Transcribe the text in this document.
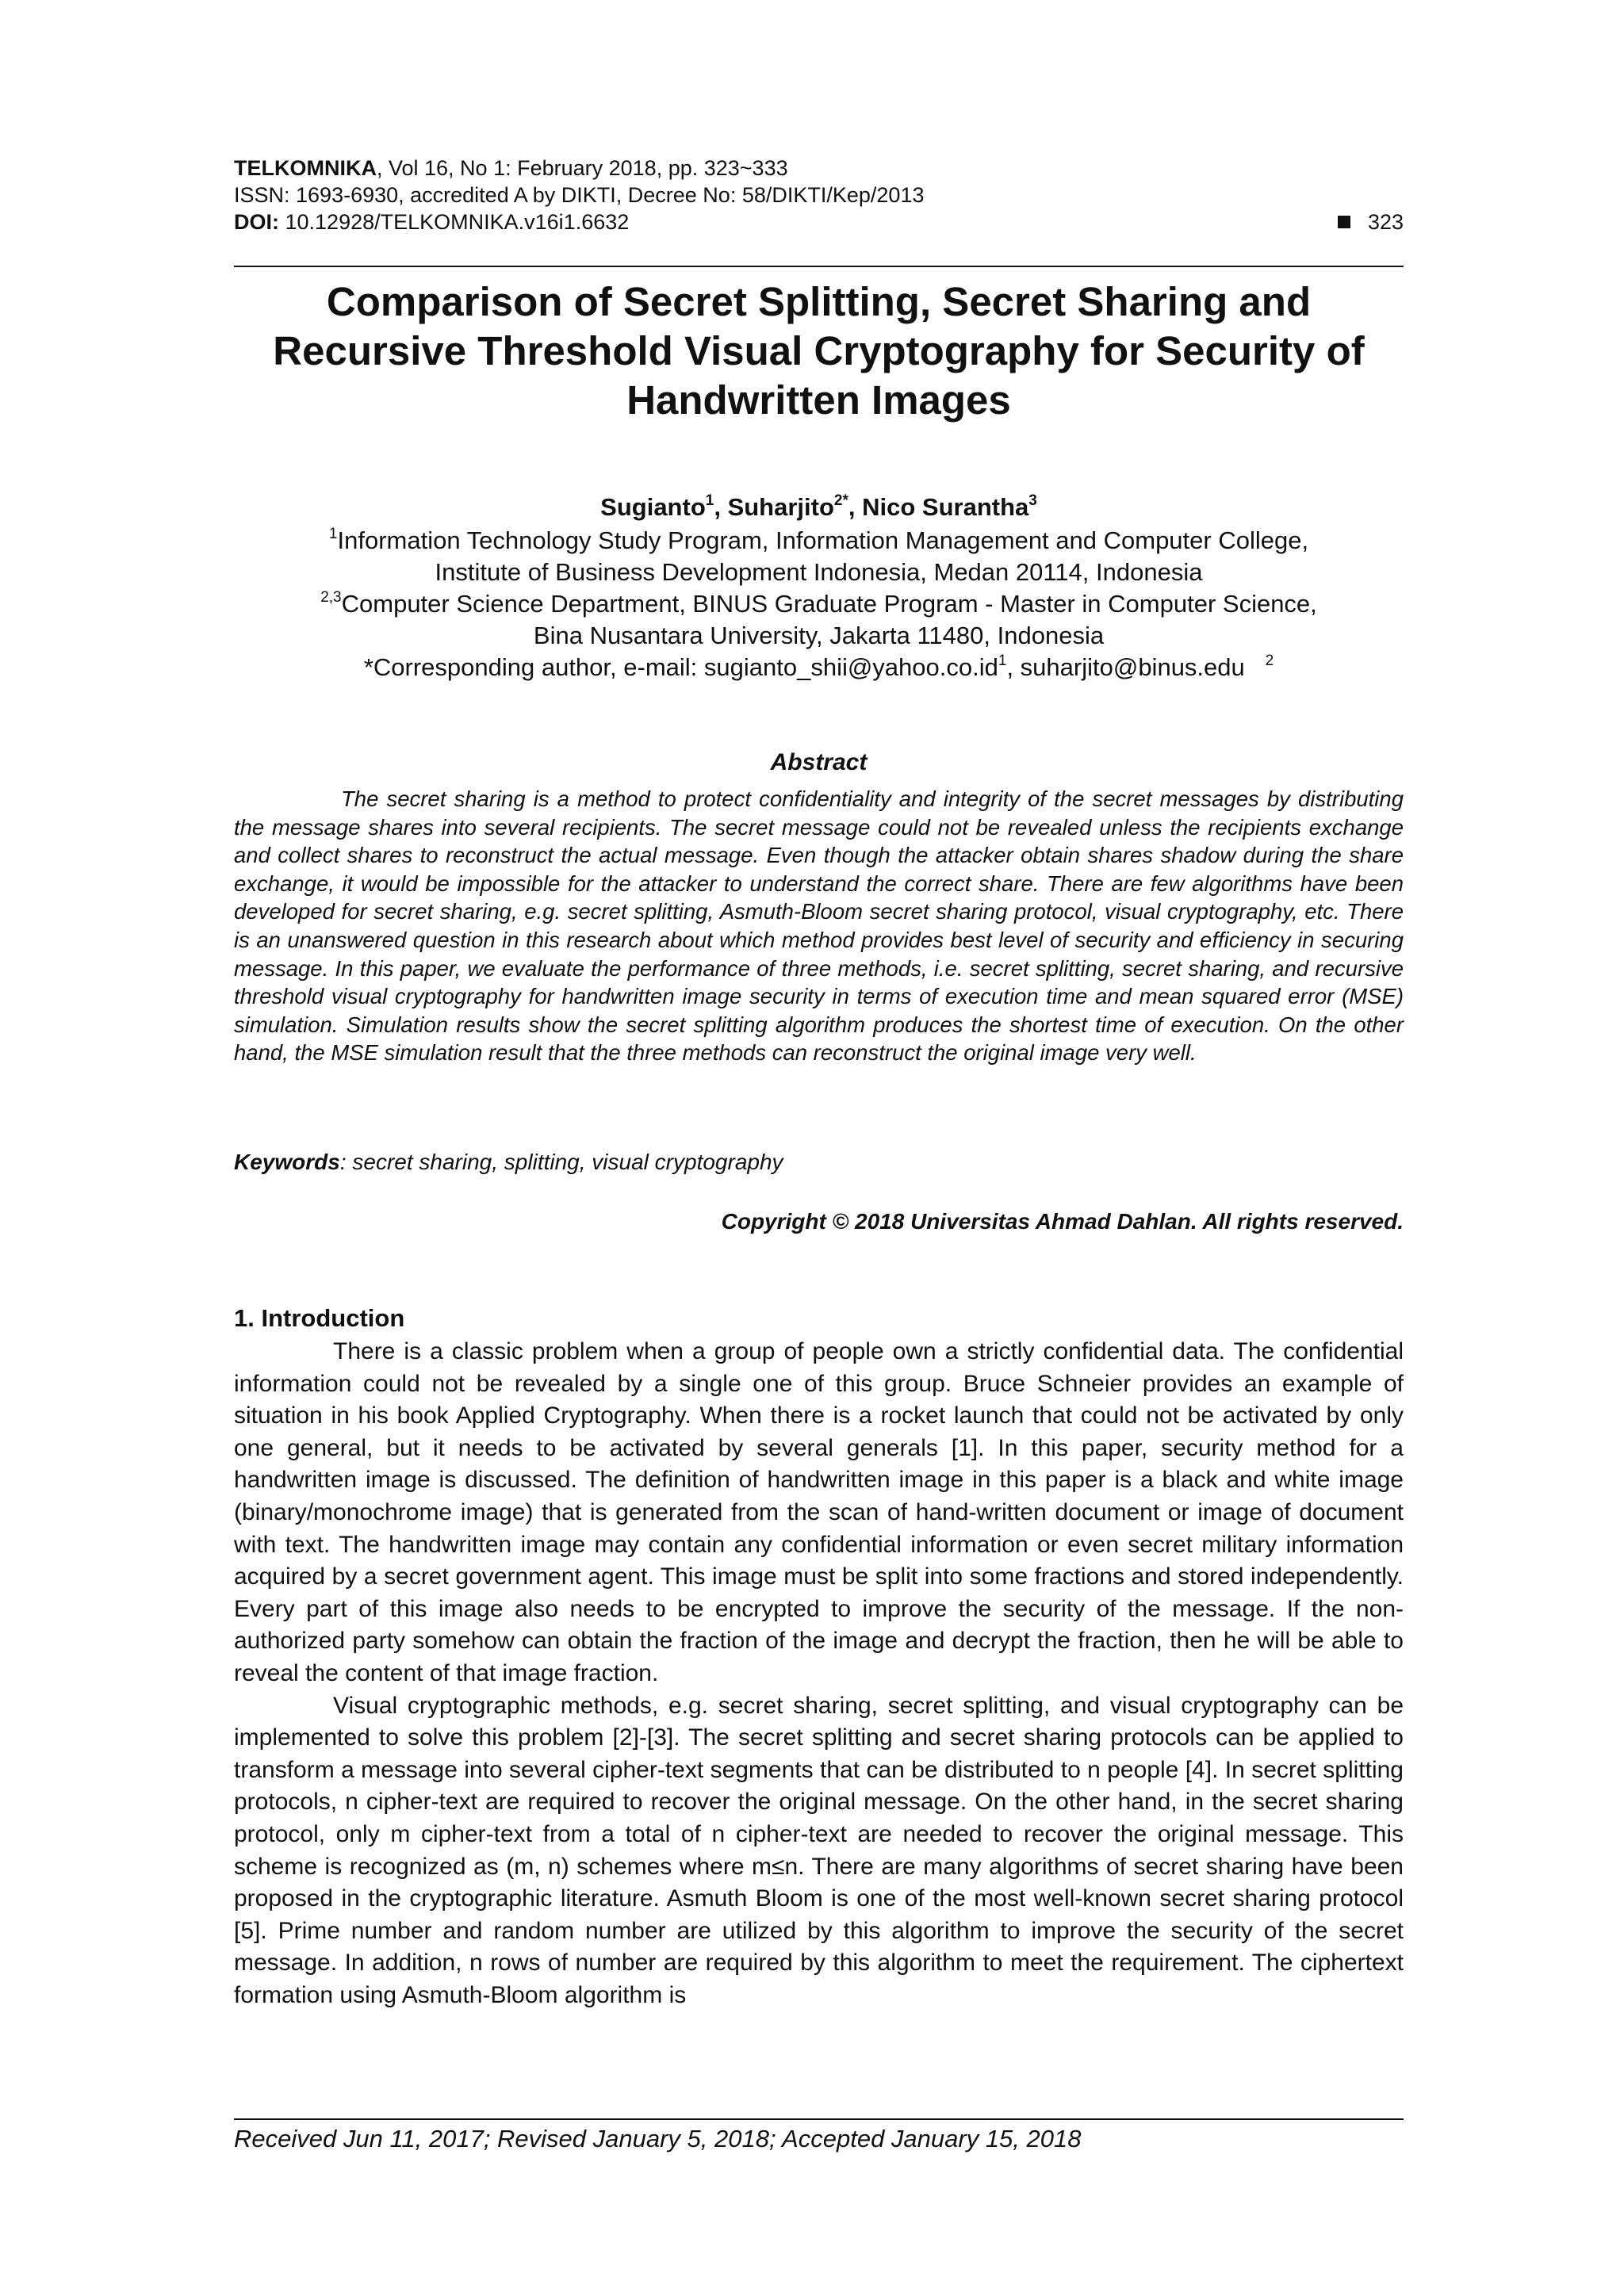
TELKOMNIKA, Vol 16, No 1: February 2018, pp. 323~333
ISSN: 1693-6930, accredited A by DIKTI, Decree No: 58/DIKTI/Kep/2013
DOI: 10.12928/TELKOMNIKA.v16i1.6632	323
Comparison of Secret Splitting, Secret Sharing and Recursive Threshold Visual Cryptography for Security of Handwritten Images
Sugianto$^1$, Suharjito$^{2*}$, Nico Surantha$^3$
$^1$Information Technology Study Program, Information Management and Computer College,
Institute of Business Development Indonesia, Medan 20114, Indonesia
$^{2,3}$Computer Science Department, BINUS Graduate Program - Master in Computer Science,
Bina Nusantara University, Jakarta 11480, Indonesia
*Corresponding author, e-mail: $sugianto\_shii@yahoo.co.id^1$, suharjito@binus.edu $^2$
Abstract
The secret sharing is a method to protect confidentiality and integrity of the secret messages by distributing the message shares into several recipients. The secret message could not be revealed unless the recipients exchange and collect shares to reconstruct the actual message. Even though the attacker obtain shares shadow during the share exchange, it would be impossible for the attacker to understand the correct share. There are few algorithms have been developed for secret sharing, e.g. secret splitting, Asmuth-Bloom secret sharing protocol, visual cryptography, etc. There is an unanswered question in this research about which method provides best level of security and efficiency in securing message. In this paper, we evaluate the performance of three methods, i.e. secret splitting, secret sharing, and recursive threshold visual cryptography for handwritten image security in terms of execution time and mean squared error (MSE) simulation. Simulation results show the secret splitting algorithm produces the shortest time of execution. On the other hand, the MSE simulation result that the three methods can reconstruct the original image very well.
Keywords: secret sharing, splitting, visual cryptography
Copyright © 2018 Universitas Ahmad Dahlan. All rights reserved.
1. Introduction

There is a classic problem when a group of people own a strictly confidential data. The confidential information could not be revealed by a single one of this group. Bruce Schneier provides an example of situation in his book Applied Cryptography. When there is a rocket launch that could not be activated by only one general, but it needs to be activated by several generals [1]. In this paper, security method for a handwritten image is discussed. The definition of handwritten image in this paper is a black and white image (binary/monochrome image) that is generated from the scan of hand-written document or image of document with text. The handwritten image may contain any confidential information or even secret military information acquired by a secret government agent. This image must be split into some fractions and stored independently. Every part of this image also needs to be encrypted to improve the security of the message. If the non-authorized party somehow can obtain the fraction of the image and decrypt the fraction, then he will be able to reveal the content of that image fraction.

Visual cryptographic methods, e.g. secret sharing, secret splitting, and visual cryptography can be implemented to solve this problem [2]-[3]. The secret splitting and secret sharing protocols can be applied to transform a message into several cipher-text segments that can be distributed to n people [4]. In secret splitting protocols, n cipher-text are required to recover the original message. On the other hand, in the secret sharing protocol, only m cipher-text from a total of n cipher-text are needed to recover the original message. This scheme is recognized as (m, n) schemes where m≤n. There are many algorithms of secret sharing have been proposed in the cryptographic literature. Asmuth Bloom is one of the most well-known secret sharing protocol [5]. Prime number and random number are utilized by this algorithm to improve the security of the secret message. In addition, n rows of number are required by this algorithm to meet the requirement. The ciphertext formation using Asmuth-Bloom algorithm is

Received Jun 11, 2017; Revised January 5, 2018; Accepted January 15, 2018
